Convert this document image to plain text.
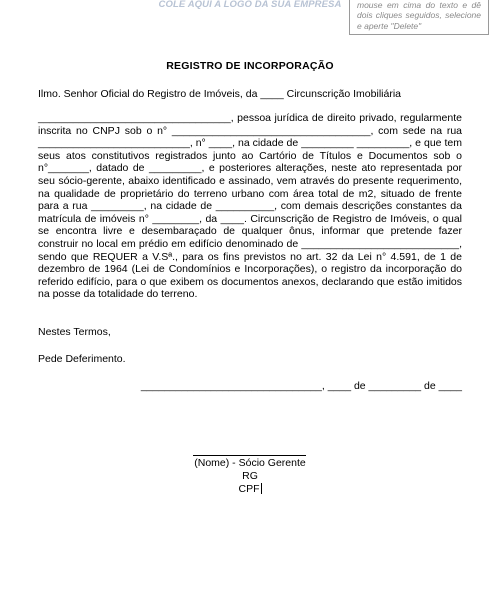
COLE AQUI A LOGO DA SUA EMPRESA	mouse em cima do texto e dê dois cliques seguidos, selecione e aperte "Delete"
REGISTRO DE INCORPORAÇÃO
Ilmo. Senhor Oficial do Registro de Imóveis, da ____ Circunscrição Imobiliária

_________________________________, pessoa jurídica de direito privado, regularmente inscrita no CNPJ sob o n° __________________________________, com sede na rua __________________________, n° ____, na cidade de _________ _________, e que tem seus atos constitutivos registrados junto ao Cartório de Títulos e Documentos sob o n°_______, datado de _________, e posteriores alterações, neste ato representada por seu sócio-gerente, abaixo identificado e assinado, vem através do presente requerimento, na qualidade de proprietário do terreno urbano com área total de m2, situado de frente para a rua _________, na cidade de __________, com demais descrições constantes da matrícula de imóveis n° ________, da ____. Circunscrição de Registro de Imóveis, o qual se encontra livre e desembaraçado de qualquer ônus, informar que pretende fazer construir no local em prédio em edifício denominado de ___________________________, sendo que REQUER a V.Sª., para os fins previstos no art. 32 da Lei n° 4.591, de 1 de dezembro de 1964 (Lei de Condomínios e Incorporações), o registro da incorporação do referido edifício, para o que exibem os documentos anexos, declarando que estão imitidos na posse da totalidade do terreno.

Nestes Termos,
Pede Deferimento.
_______________________________, ____ de _________ de ____
(Nome) - Sócio Gerente
RG
CPF
